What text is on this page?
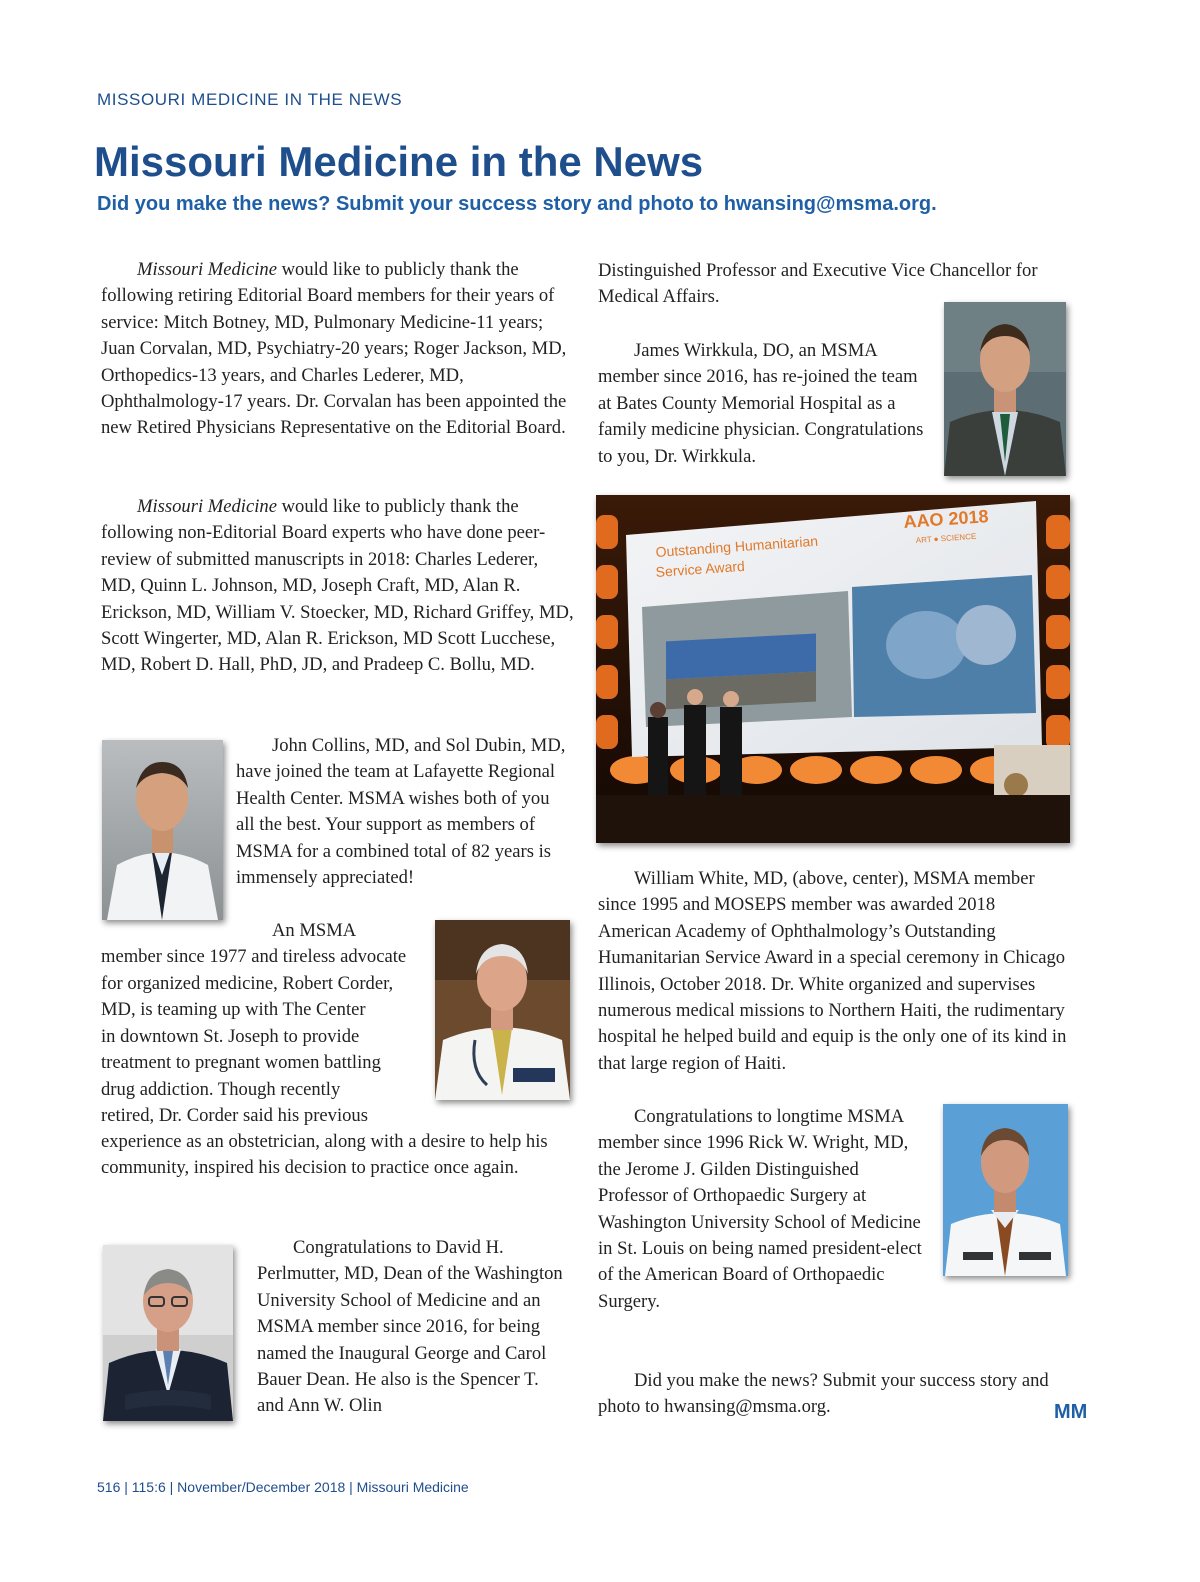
MISSOURI MEDICINE IN THE NEWS
Missouri Medicine in the News
Did you make the news? Submit your success story and photo to hwansing@msma.org.

Missouri Medicine would like to publicly thank the following retiring Editorial Board members for their years of service: Mitch Botney, MD, Pulmonary Medicine-11 years; Juan Corvalan, MD, Psychiatry-20 years; Roger Jackson, MD, Orthopedics-13 years, and Charles Lederer, MD, Ophthalmology-17 years. Dr. Corvalan has been appointed the new Retired Physicians Representative on the Editorial Board.

Missouri Medicine would like to publicly thank the following non-Editorial Board experts who have done peer-review of submitted manuscripts in 2018: Charles Lederer, MD, Quinn L. Johnson, MD, Joseph Craft, MD, Alan R. Erickson, MD, William V. Stoecker, MD, Richard Griffey, MD, Scott Wingerter, MD, Alan R. Erickson, MD Scott Lucchese, MD, Robert D. Hall, PhD, JD, and Pradeep C. Bollu, MD.

John Collins, MD, and Sol Dubin, MD, have joined the team at Lafayette Regional Health Center. MSMA wishes both of you all the best. Your support as members of MSMA for a combined total of 82 years is immensely appreciated!

An MSMA
member since 1977 and tireless advocate
for organized medicine, Robert Corder,
MD, is teaming up with The Center
in downtown St. Joseph to provide
treatment to pregnant women battling
drug addiction. Though recently
retired, Dr. Corder said his previous

experience as an obstetrician, along with a desire to help his community, inspired his decision to practice once again.

Congratulations to David H. Perlmutter, MD, Dean of the Washington University School of Medicine and an MSMA member since 2016, for being named the Inaugural George and Carol Bauer Dean. He also is the Spencer T. and Ann W. Olin

Distinguished Professor and Executive Vice Chancellor for Medical Affairs.

James Wirkkula, DO, an MSMA member since 2016, has re-joined the team at Bates County Memorial Hospital as a family medicine physician. Congratulations to you, Dr. Wirkkula.

Outstanding Humanitarian
Service Award
AAO 2018
ART ● SCIENCE

William White, MD, (above, center), MSMA member since 1995 and MOSEPS member was awarded 2018 American Academy of Ophthalmology’s Outstanding Humanitarian Service Award in a special ceremony in Chicago Illinois, October 2018. Dr. White organized and supervises numerous medical missions to Northern Haiti, the rudimentary hospital he helped build and equip is the only one of its kind in that large region of Haiti.

Congratulations to longtime MSMA member since 1996 Rick W. Wright, MD, the Jerome J. Gilden Distinguished Professor of Orthopaedic Surgery at Washington University School of Medicine in St. Louis on being named president-elect of the American Board of Orthopaedic Surgery.

Did you make the news? Submit your success story and photo to hwansing@msma.org.	MM
516 | 115:6 | November/December 2018 | Missouri Medicine
